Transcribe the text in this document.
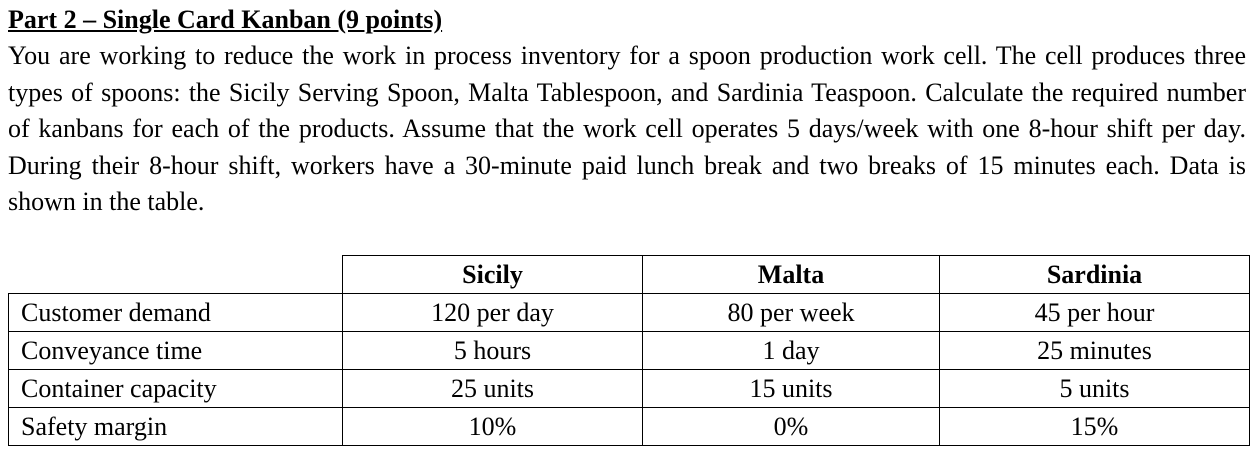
Part 2 – Single Card Kanban (9 points)
You are working to reduce the work in process inventory for a spoon production work cell. The cell produces three types of spoons: the Sicily Serving Spoon, Malta Tablespoon, and Sardinia Teaspoon. Calculate the required number of kanbans for each of the products. Assume that the work cell operates 5 days/week with one 8-hour shift per day. During their 8-hour shift, workers have a 30-minute paid lunch break and two breaks of 15 minutes each. Data is shown in the table.
	Sicily	Malta	Sardinia
Customer demand	120 per day	80 per week	45 per hour
Conveyance time	5 hours	1 day	25 minutes
Container capacity	25 units	15 units	5 units
Safety margin	10%	0%	15%
